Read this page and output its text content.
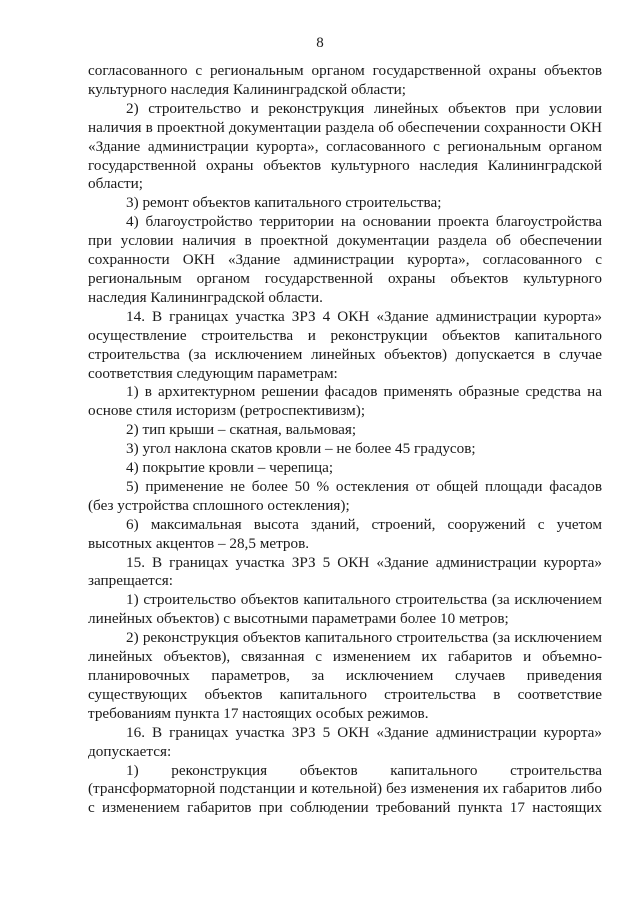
8

согласованного с региональным органом государственной охраны объектов культурного наследия Калининградской области;

2) строительство и реконструкция линейных объектов при условии наличия в проектной документации раздела об обеспечении сохранности ОКН «Здание администрации курорта», согласованного с региональным органом государственной охраны объектов культурного наследия Калининградской области;

3) ремонт объектов капитального строительства;

4) благоустройство территории на основании проекта благоустройства при условии наличия в проектной документации раздела об обеспечении сохранности ОКН «Здание администрации курорта», согласованного с региональным органом государственной охраны объектов культурного наследия Калининградской области.

14. В границах участка ЗРЗ 4 ОКН «Здание администрации курорта» осуществление строительства и реконструкции объектов капитального строительства (за исключением линейных объектов) допускается в случае соответствия следующим параметрам:

1) в архитектурном решении фасадов применять образные средства на основе стиля историзм (ретроспективизм);

2) тип крыши – скатная, вальмовая;

3) угол наклона скатов кровли – не более 45 градусов;

4) покрытие кровли – черепица;

5) применение не более 50 % остекления от общей площади фасадов (без устройства сплошного остекления);

6) максимальная высота зданий, строений, сооружений с учетом высотных акцентов – 28,5 метров.

15. В границах участка ЗРЗ 5 ОКН «Здание администрации курорта» запрещается:

1) строительство объектов капитального строительства (за исключением линейных объектов) с высотными параметрами более 10 метров;

2) реконструкция объектов капитального строительства (за исключением линейных объектов), связанная с изменением их габаритов и объемно-планировочных параметров, за исключением случаев приведения существующих объектов капитального строительства в соответствие требованиям пункта 17 настоящих особых режимов.

16. В границах участка ЗРЗ 5 ОКН «Здание администрации курорта» допускается:

1) реконструкция объектов капитального строительства (трансформаторной подстанции и котельной) без изменения их габаритов либо с изменением габаритов при соблюдении требований пункта 17 настоящих
